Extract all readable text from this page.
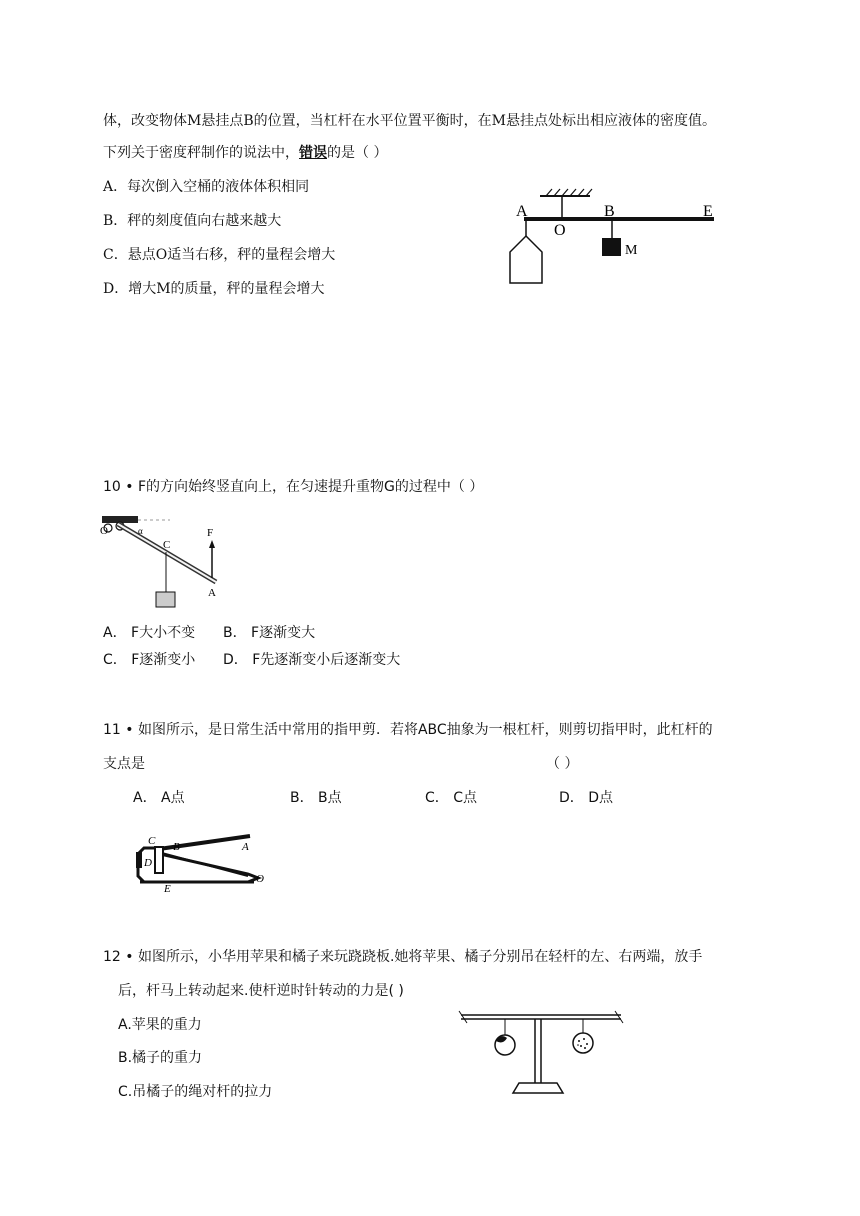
体，改变物体M悬挂点B的位置，当杠杆在水平位置平衡时，在M悬挂点处标出相应液体的密度值。
下列关于密度秤制作的说法中，错误的是（ ）
A．每次倒入空桶的液体体积相同
B．秤的刻度值向右越来越大
C．悬点O适当右移，秤的量程会增大
D．增大M的质量，秤的量程会增大
A
O
B	E
M
10 • F的方向始终竖直向上，在匀速提升重物G的过程中（ ）
O	α
C
F
A
A． F大小不变 B． F逐渐变大
C． F逐渐变小 D． F先逐渐变小后逐渐变大
11 • 如图所示，是日常生活中常用的指甲剪．若将ABC抽象为一根杠杆，则剪切指甲时，此杠杆的
支点是	（ ）
A． A点	B． B点	C． C点	D． D点
C B	A
D
E
O
12 • 如图所示，小华用苹果和橘子来玩跷跷板.她将苹果、橘子分别吊在轻杆的左、右两端，放手
后，杆马上转动起来.使杆逆时针转动的力是( )
A.苹果的重力
B.橘子的重力
C.吊橘子的绳对杆的拉力
